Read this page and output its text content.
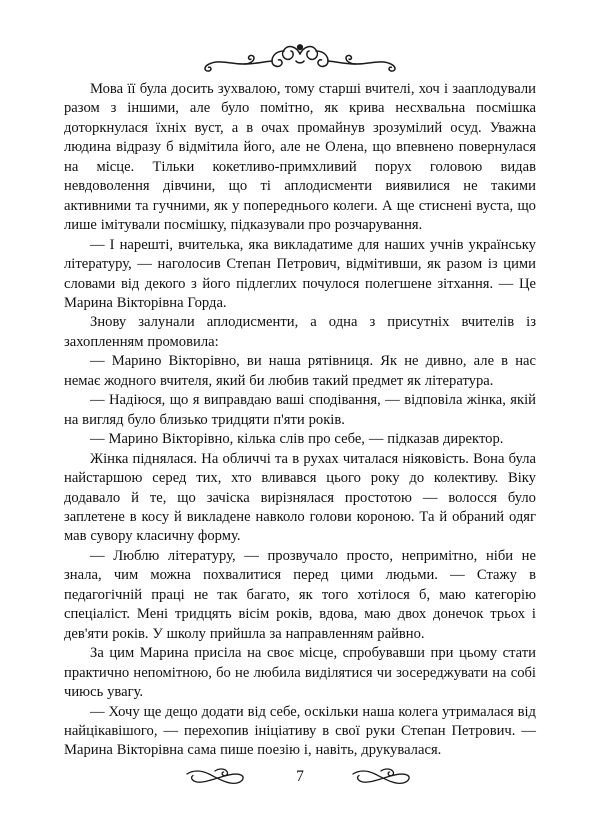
Мова її була досить зухвалою, тому старші вчителі, хоч і зааплодували разом з іншими, але було помітно, як крива несхвальна посмішка доторкнулася їхніх вуст, а в очах промайнув зрозумілий осуд. Уважна людина відразу б відмітила його, але не Олена, що впевнено повернулася на місце. Тільки кокетливо-примхливий порух головою видав невдоволення дівчини, що ті аплодисменти виявилися не такими активними та гучними, як у попереднього колеги. А ще стиснені вуста, що лише імітували посмішку, підказували про розчарування.

— І нарешті, вчителька, яка викладатиме для наших учнів українську літературу, — наголосив Степан Петрович, відмітивши, як разом із цими словами від декого з його підлеглих почулося полегшене зітхання. — Це Марина Вікторівна Горда.

Знову залунали аплодисменти, а одна з присутніх вчителів із захопленням промовила:

— Марино Вікторівно, ви наша рятівниця. Як не дивно, але в нас немає жодного вчителя, який би любив такий предмет як література.

— Надіюся, що я виправдаю ваші сподівання, — відповіла жінка, якій на вигляд було близько тридцяти п'яти років.

— Марино Вікторівно, кілька слів про себе, — підказав директор.

Жінка піднялася. На обличчі та в рухах читалася ніяковість. Вона була найстаршою серед тих, хто вливався цього року до колективу. Віку додавало й те, що зачіска вирізнялася простотою — волосся було заплетене в косу й викладене навколо голови короною. Та й обраний одяг мав сувору класичну форму.

— Люблю літературу, — прозвучало просто, непримітно, ніби не знала, чим можна похвалитися перед цими людьми. — Стажу в педагогічній праці не так багато, як того хотілося б, маю категорію спеціаліст. Мені тридцять вісім років, вдова, маю двох донечок трьох і дев'яти років. У школу прийшла за направленням райвно.

За цим Марина присіла на своє місце, спробувавши при цьому стати практично непомітною, бо не любила виділятися чи зосереджувати на собі чиюсь увагу.

— Хочу ще дещо додати від себе, оскільки наша колега утрималася від найцікавішого, — перехопив ініціативу в свої руки Степан Петрович. — Марина Вікторівна сама пише поезію і, навіть, друкувалася.

7
